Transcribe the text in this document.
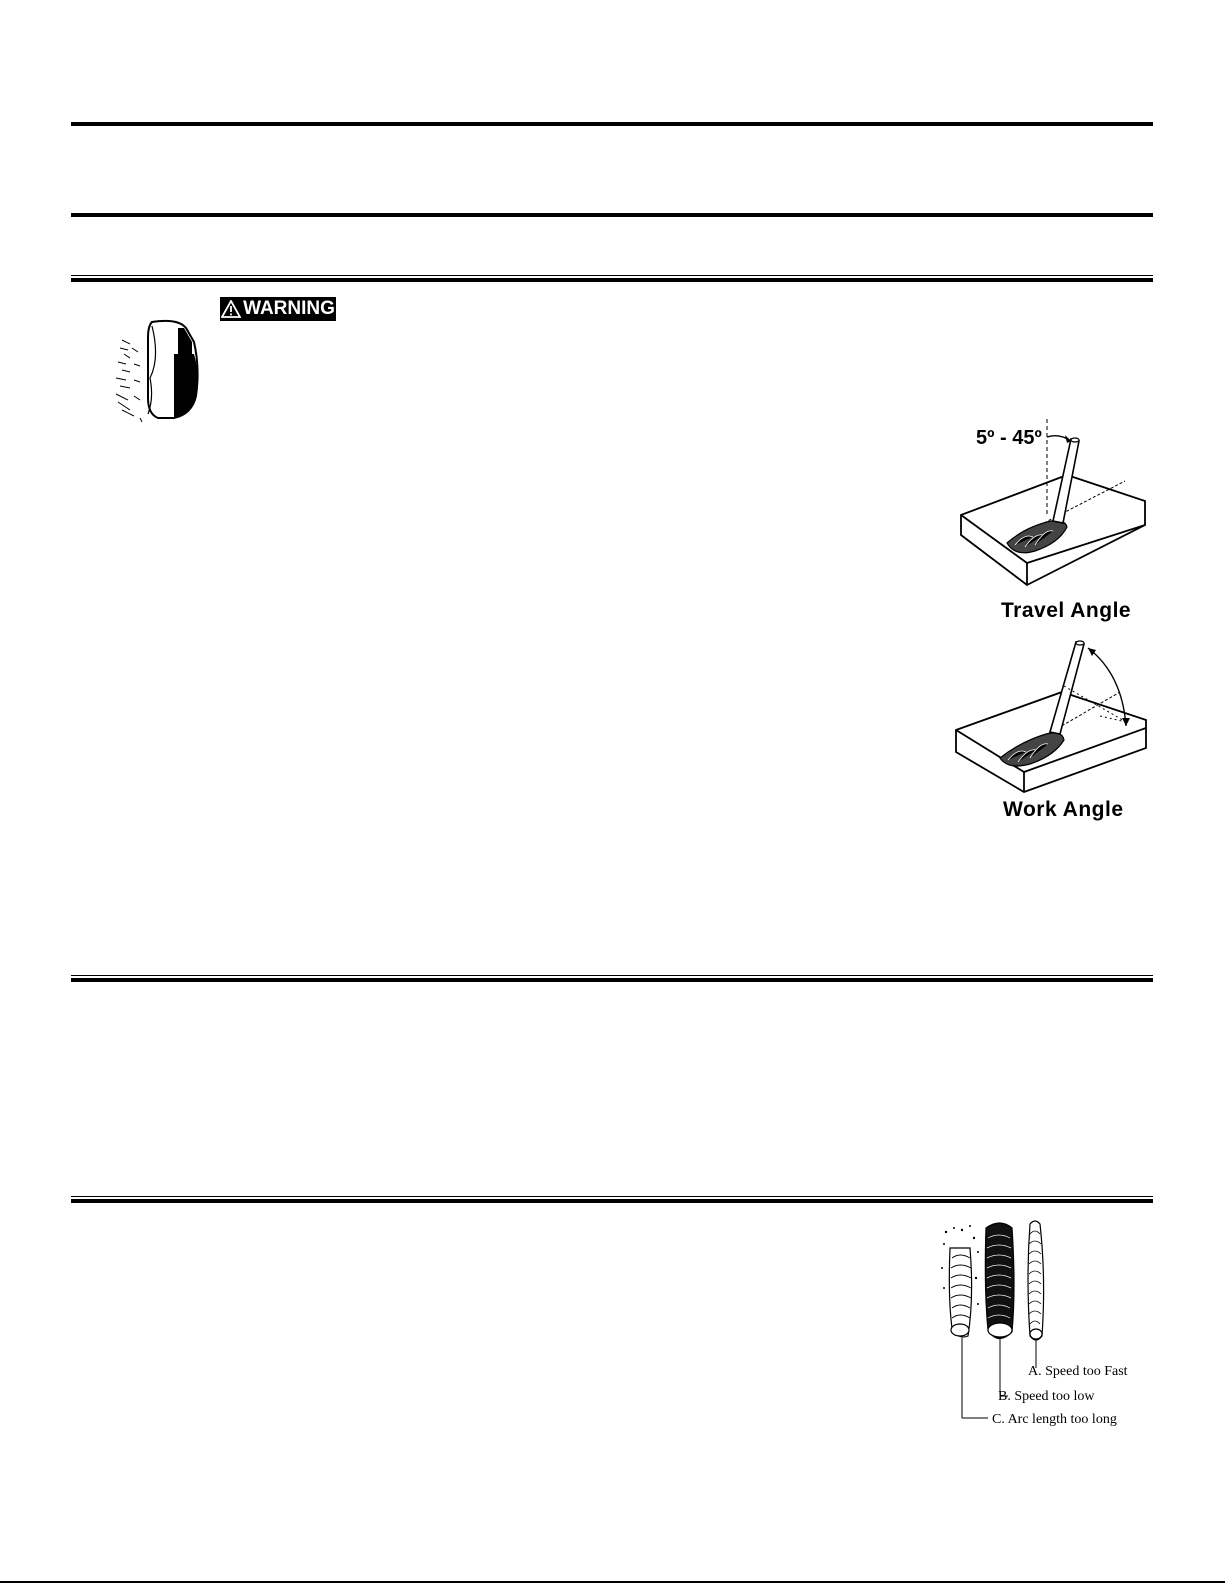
WARNING
5º - 45º
Travel Angle
Work Angle
A. Speed too Fast
B. Speed too low
C. Arc length too long
